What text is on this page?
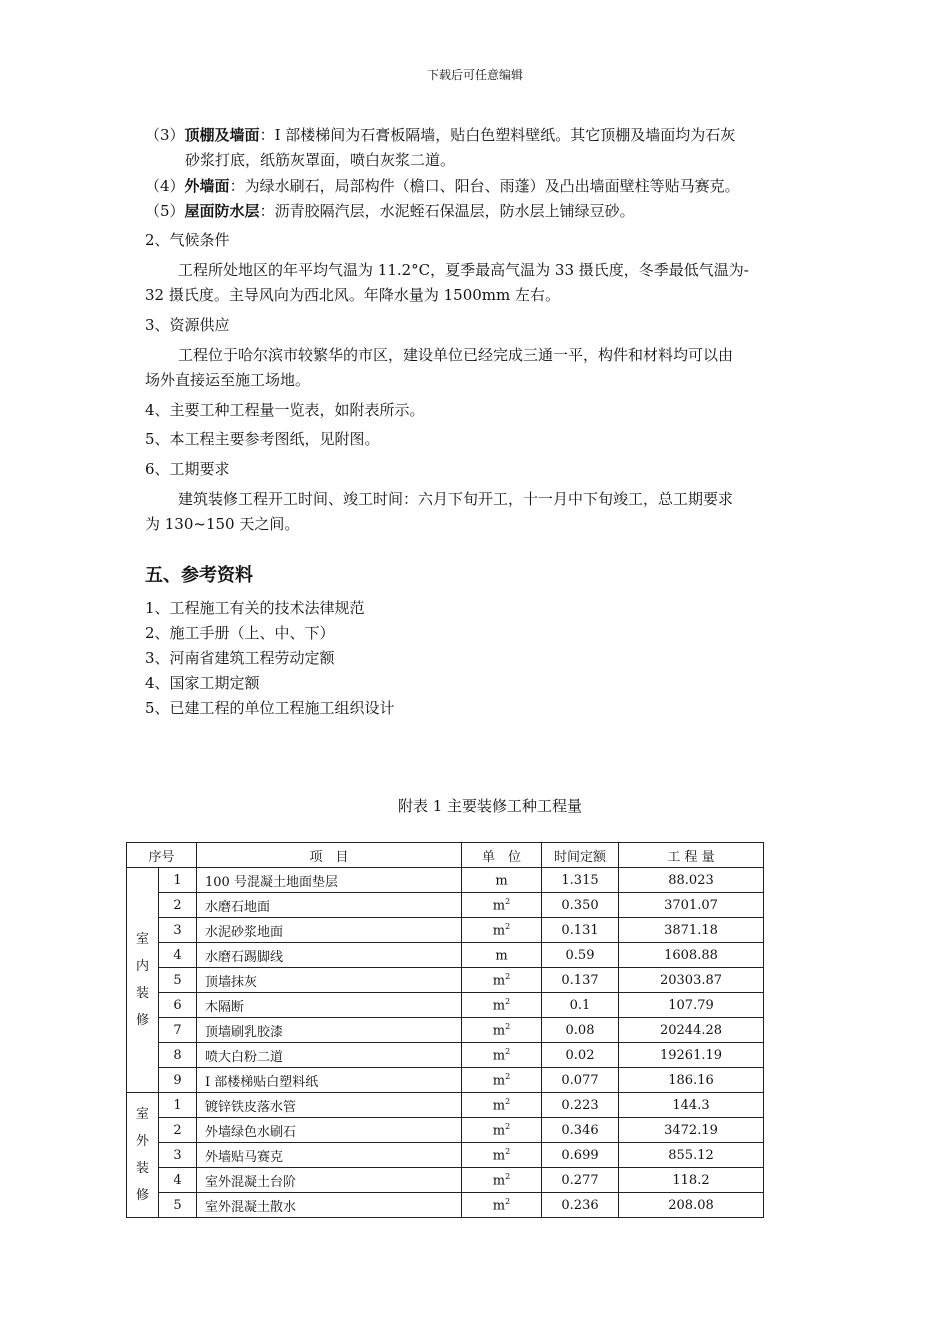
下载后可任意编辑
（3）顶棚及墙面：I 部楼梯间为石膏板隔墙，贴白色塑料壁纸。其它顶棚及墙面均为石灰
砂浆打底，纸筋灰罩面，喷白灰浆二道。
（4）外墙面：为绿水刷石，局部构件（檐口、阳台、雨蓬）及凸出墙面壁柱等贴马赛克。
（5）屋面防水层：沥青胶隔汽层，水泥蛭石保温层，防水层上铺绿豆砂。
2、气候条件
工程所处地区的年平均气温为 11.2°C，夏季最高气温为 33 摄氏度，冬季最低气温为-
32 摄氏度。主导风向为西北风。年降水量为 1500mm 左右。
3、资源供应
工程位于哈尔滨市较繁华的市区，建设单位已经完成三通一平，构件和材料均可以由
场外直接运至施工场地。
4、主要工种工程量一览表，如附表所示。
5、本工程主要参考图纸，见附图。
6、工期要求
建筑装修工程开工时间、竣工时间：六月下旬开工，十一月中下旬竣工，总工期要求
为 130~150 天之间。
五、参考资料
1、工程施工有关的技术法律规范
2、施工手册（上、中、下）
3、河南省建筑工程劳动定额
4、国家工期定额
5、已建工程的单位工程施工组织设计
附表 1 主要装修工种工程量
序号		项　目	单　位	时间定额	工 程 量

室
内
装
修	1	100 号混凝土地面垫层	m	1.315	88.023
	2	水磨石地面	$m^2$	0.350	3701.07
	3	水泥砂浆地面	$m^2$	0.131	3871.18
	4	水磨石踢脚线	m	0.59	1608.88
	5	顶墙抹灰	$m^2$	0.137	20303.87
	6	木隔断	$m^2$	0.1	107.79
	7	顶墙刷乳胶漆	$m^2$	0.08	20244.28
	8	喷大白粉二道	$m^2$	0.02	19261.19
	9	I 部楼梯贴白塑料纸	$m^2$	0.077	186.16

室
外
装
修	1	镀锌铁皮落水管	$m^2$	0.223	144.3
	2	外墙绿色水刷石	$m^2$	0.346	3472.19
	3	外墙贴马赛克	$m^2$	0.699	855.12
	4	室外混凝土台阶	$m^2$	0.277	118.2
	5	室外混凝土散水	$m^2$	0.236	208.08
